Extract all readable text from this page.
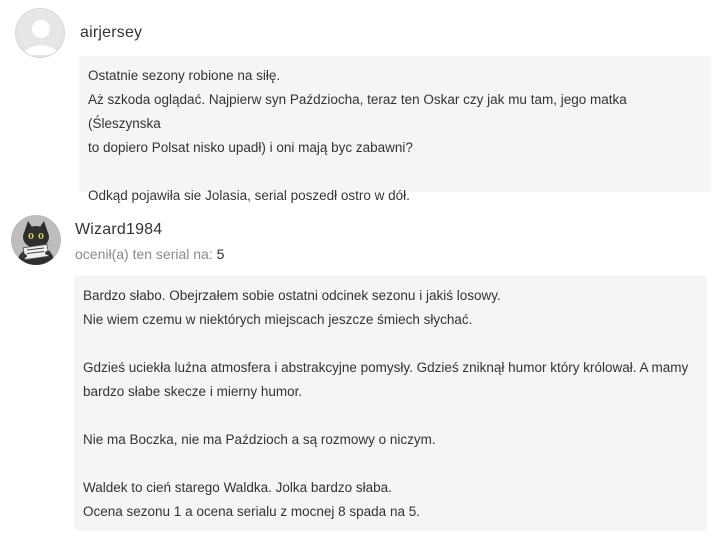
airjersey

Ostatnie sezony robione na siłę.

Aż szkoda oglądać. Najpierw syn Paździocha, teraz ten Oskar czy jak mu tam, jego matka (Śleszynska

to dopiero Polsat nisko upadł) i oni mają byc zabawni?

Odkąd pojawiła sie Jolasia, serial poszedł ostro w dół.

Wizard1984
ocenił(a) ten serial na: 5

Bardzo słabo. Obejrzałem sobie ostatni odcinek sezonu i jakiś losowy.

Nie wiem czemu w niektórych miejscach jeszcze śmiech słychać.

Gdzieś uciekła luźna atmosfera i abstrakcyjne pomysły. Gdzieś zniknął humor który królował. A mamy

bardzo słabe skecze i mierny humor.

Nie ma Boczka, nie ma Paździoch a są rozmowy o niczym.

Waldek to cień starego Waldka. Jolka bardzo słaba.

Ocena sezonu 1 a ocena serialu z mocnej 8 spada na 5.
